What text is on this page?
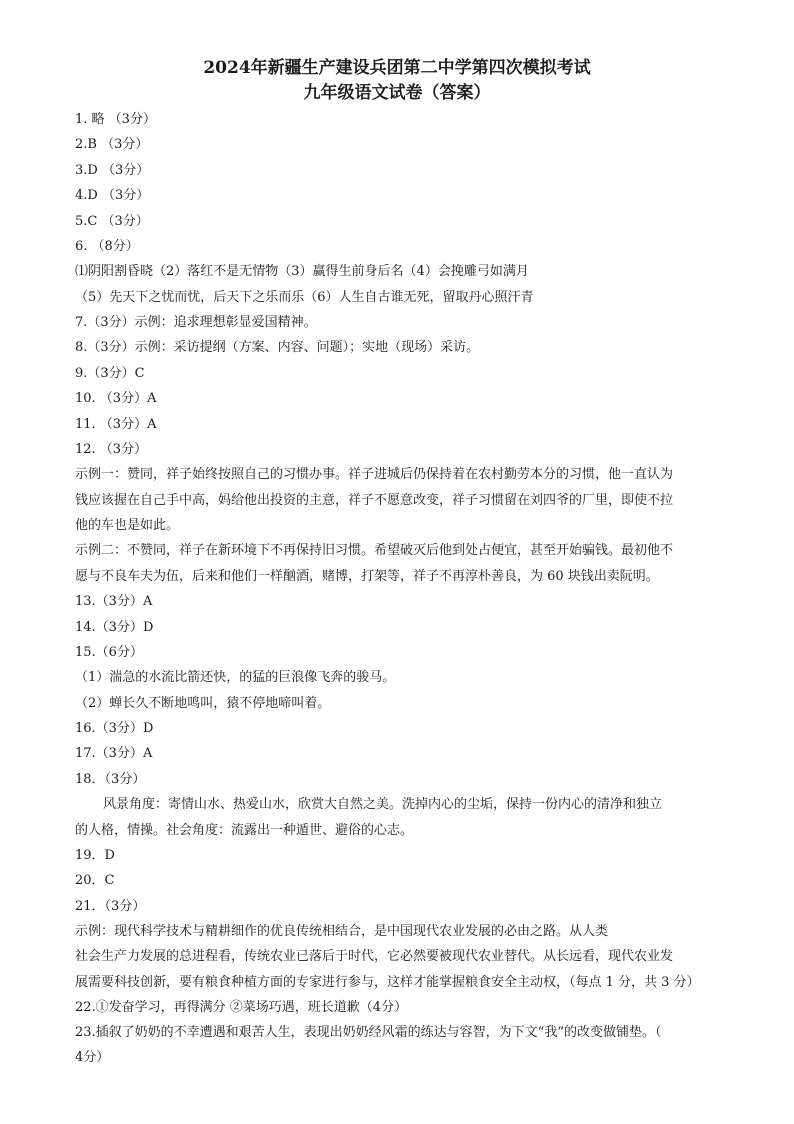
2024年新疆生产建设兵团第二中学第四次模拟考试
九年级语文试卷（答案）
1. 略 （3分）
2.B （3分）
3.D （3分）
4.D （3分）
5.C （3分）
6. （8分）
⑴阴阳割昏晓（2）落红不是无情物（3）赢得生前身后名（4）会挽雕弓如满月
（5）先天下之忧而忧，后天下之乐而乐（6）人生自古谁无死，留取丹心照汗青
7.（3分）示例：追求理想彰显爱国精神。
8.（3分）示例：采访提纲（方案、内容、问题）；实地（现场）采访。
9.（3分）C
10. （3分）A
11. （3分）A
12. （3分）
示例一：赞同，祥子始终按照自己的习惯办事。祥子进城后仍保持着在农村勤劳本分的习惯，他一直认为
钱应该握在自己手中高，妈给他出投资的主意，祥子不愿意改变，祥子习惯留在刘四爷的厂里，即使不拉
他的车也是如此。
示例二：不赞同，祥子在新环境下不再保持旧习惯。希望破灭后他到处占便宜，甚至开始骗钱。最初他不
愿与不良车夫为伍，后来和他们一样酗酒，赌博，打架等，祥子不再淳朴善良，为 60 块钱出卖阮明。
13.（3分）A
14.（3分）D
15.（6分）
（1）湍急的水流比箭还快，的猛的巨浪像飞奔的骏马。
（2）蝉长久不断地鸣叫，猿不停地啼叫着。
16.（3分）D
17.（3分）A
18．（3分）
风景角度：寄情山水、热爱山水，欣赏大自然之美。洗掉内心的尘垢，保持一份内心的清净和独立
的人格，情操。社会角度：流露出一种遁世、避俗的心志。
19．D
20．C
21．（3分）
示例：现代科学技术与精耕细作的优良传统相结合，是中国现代农业发展的必由之路。从人类
社会生产力发展的总进程看，传统农业已落后于时代，它必然要被现代农业替代。从长远看，现代农业发
展需要科技创新，要有粮食种植方面的专家进行参与，这样才能掌握粮食安全主动权，（每点 1 分，共 3 分）
22.①发奋学习，再得满分 ②菜场巧遇，班长道歉（4分）
23.插叙了奶奶的不幸遭遇和艰苦人生，表现出奶奶经风霜的练达与容智，为下文“我”的改变做铺垫。（
4分）
